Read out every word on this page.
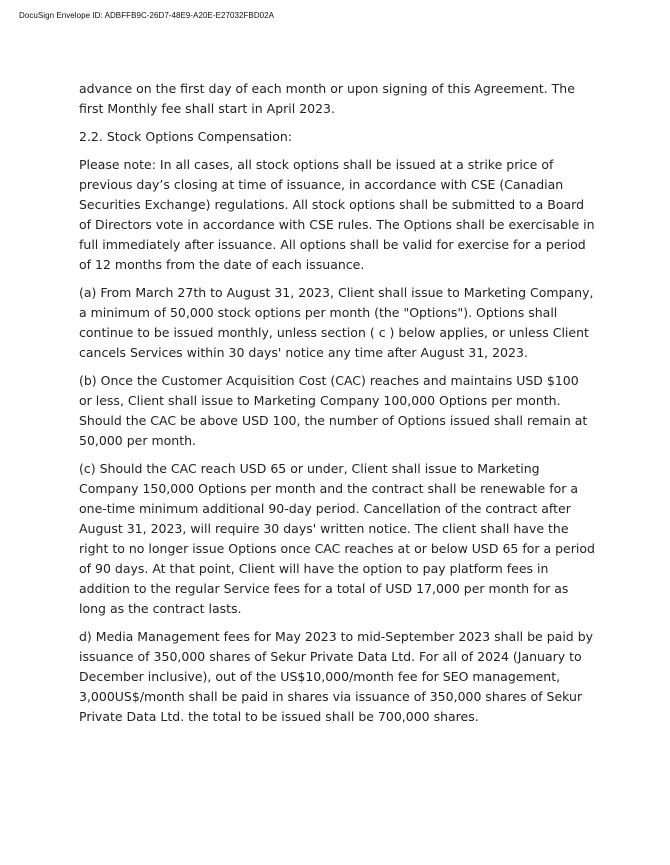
DocuSign Envelope ID: ADBFFB9C-26D7-48E9-A20E-E27032FBD02A

advance on the first day of each month or upon signing of this Agreement. The first Monthly fee shall start in April 2023.

2.2. Stock Options Compensation:

Please note: In all cases, all stock options shall be issued at a strike price of previous day’s closing at time of issuance, in accordance with CSE (Canadian Securities Exchange) regulations. All stock options shall be submitted to a Board of Directors vote in accordance with CSE rules. The Options shall be exercisable in full immediately after issuance. All options shall be valid for exercise for a period of 12 months from the date of each issuance.

(a) From March 27th to August 31, 2023, Client shall issue to Marketing Company, a minimum of 50,000 stock options per month (the "Options"). Options shall continue to be issued monthly, unless section ( c ) below applies, or unless Client cancels Services within 30 days' notice any time after August 31, 2023.

(b) Once the Customer Acquisition Cost (CAC) reaches and maintains USD $100 or less, Client shall issue to Marketing Company 100,000 Options per month. Should the CAC be above USD 100, the number of Options issued shall remain at 50,000 per month.

(c) Should the CAC reach USD 65 or under, Client shall issue to Marketing Company 150,000 Options per month and the contract shall be renewable for a one-time minimum additional 90-day period. Cancellation of the contract after August 31, 2023, will require 30 days' written notice. The client shall have the right to no longer issue Options once CAC reaches at or below USD 65 for a period of 90 days. At that point, Client will have the option to pay platform fees in addition to the regular Service fees for a total of USD 17,000 per month for as long as the contract lasts.

d) Media Management fees for May 2023 to mid-September 2023 shall be paid by issuance of 350,000 shares of Sekur Private Data Ltd. For all of 2024 (January to December inclusive), out of the US$10,000/month fee for SEO management, 3,000US$/month shall be paid in shares via issuance of 350,000 shares of Sekur Private Data Ltd. the total to be issued shall be 700,000 shares.
